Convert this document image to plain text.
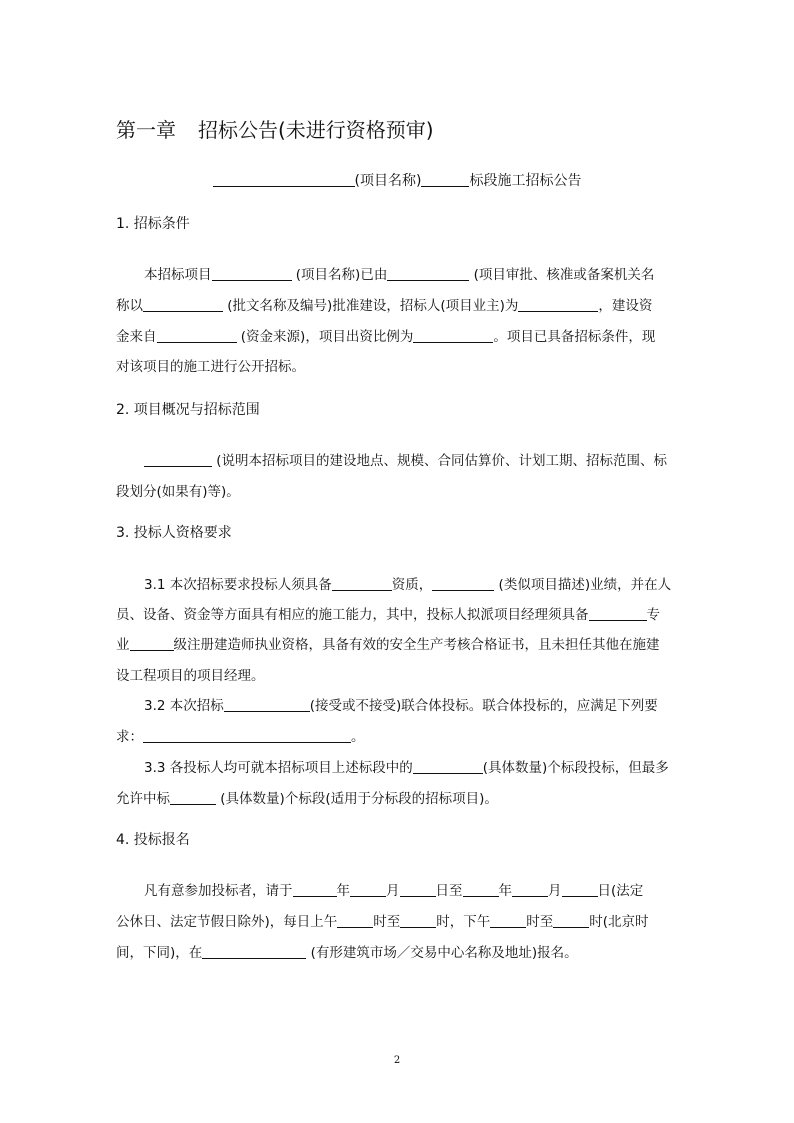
第一章 招标公告(未进行资格预审)
(项目名称)	标段施工招标公告
1. 招标条件
本招标项目	(项目名称)已由	(项目审批、核准或备案机关名
称以	(批文名称及编号)批准建设，招标人(项目业主)为	，建设资
金来自	(资金来源)，项目出资比例为	。项目已具备招标条件，现
对该项目的施工进行公开招标。
2. 项目概况与招标范围
(说明本招标项目的建设地点、规模、合同估算价、计划工期、招标范围、标
段划分(如果有)等)。
3. 投标人资格要求
3.1 本次招标要求投标人须具备	资质，	(类似项目描述)业绩，并在人
员、设备、资金等方面具有相应的施工能力，其中，投标人拟派项目经理须具备	专
业	级注册建造师执业资格，具备有效的安全生产考核合格证书，且未担任其他在施建
设工程项目的项目经理。
3.2 本次招标	(接受或不接受)联合体投标。联合体投标的，应满足下列要
求：	。
3.3 各投标人均可就本招标项目上述标段中的	(具体数量)个标段投标，但最多
允许中标	(具体数量)个标段(适用于分标段的招标项目)。
4. 投标报名
凡有意参加投标者，请于	年	月	日至	年	月	日(法定
公休日、法定节假日除外)，每日上午	时至	时，下午	时至	时(北京时
间，下同)，在	(有形建筑市场／交易中心名称及地址)报名。
2
